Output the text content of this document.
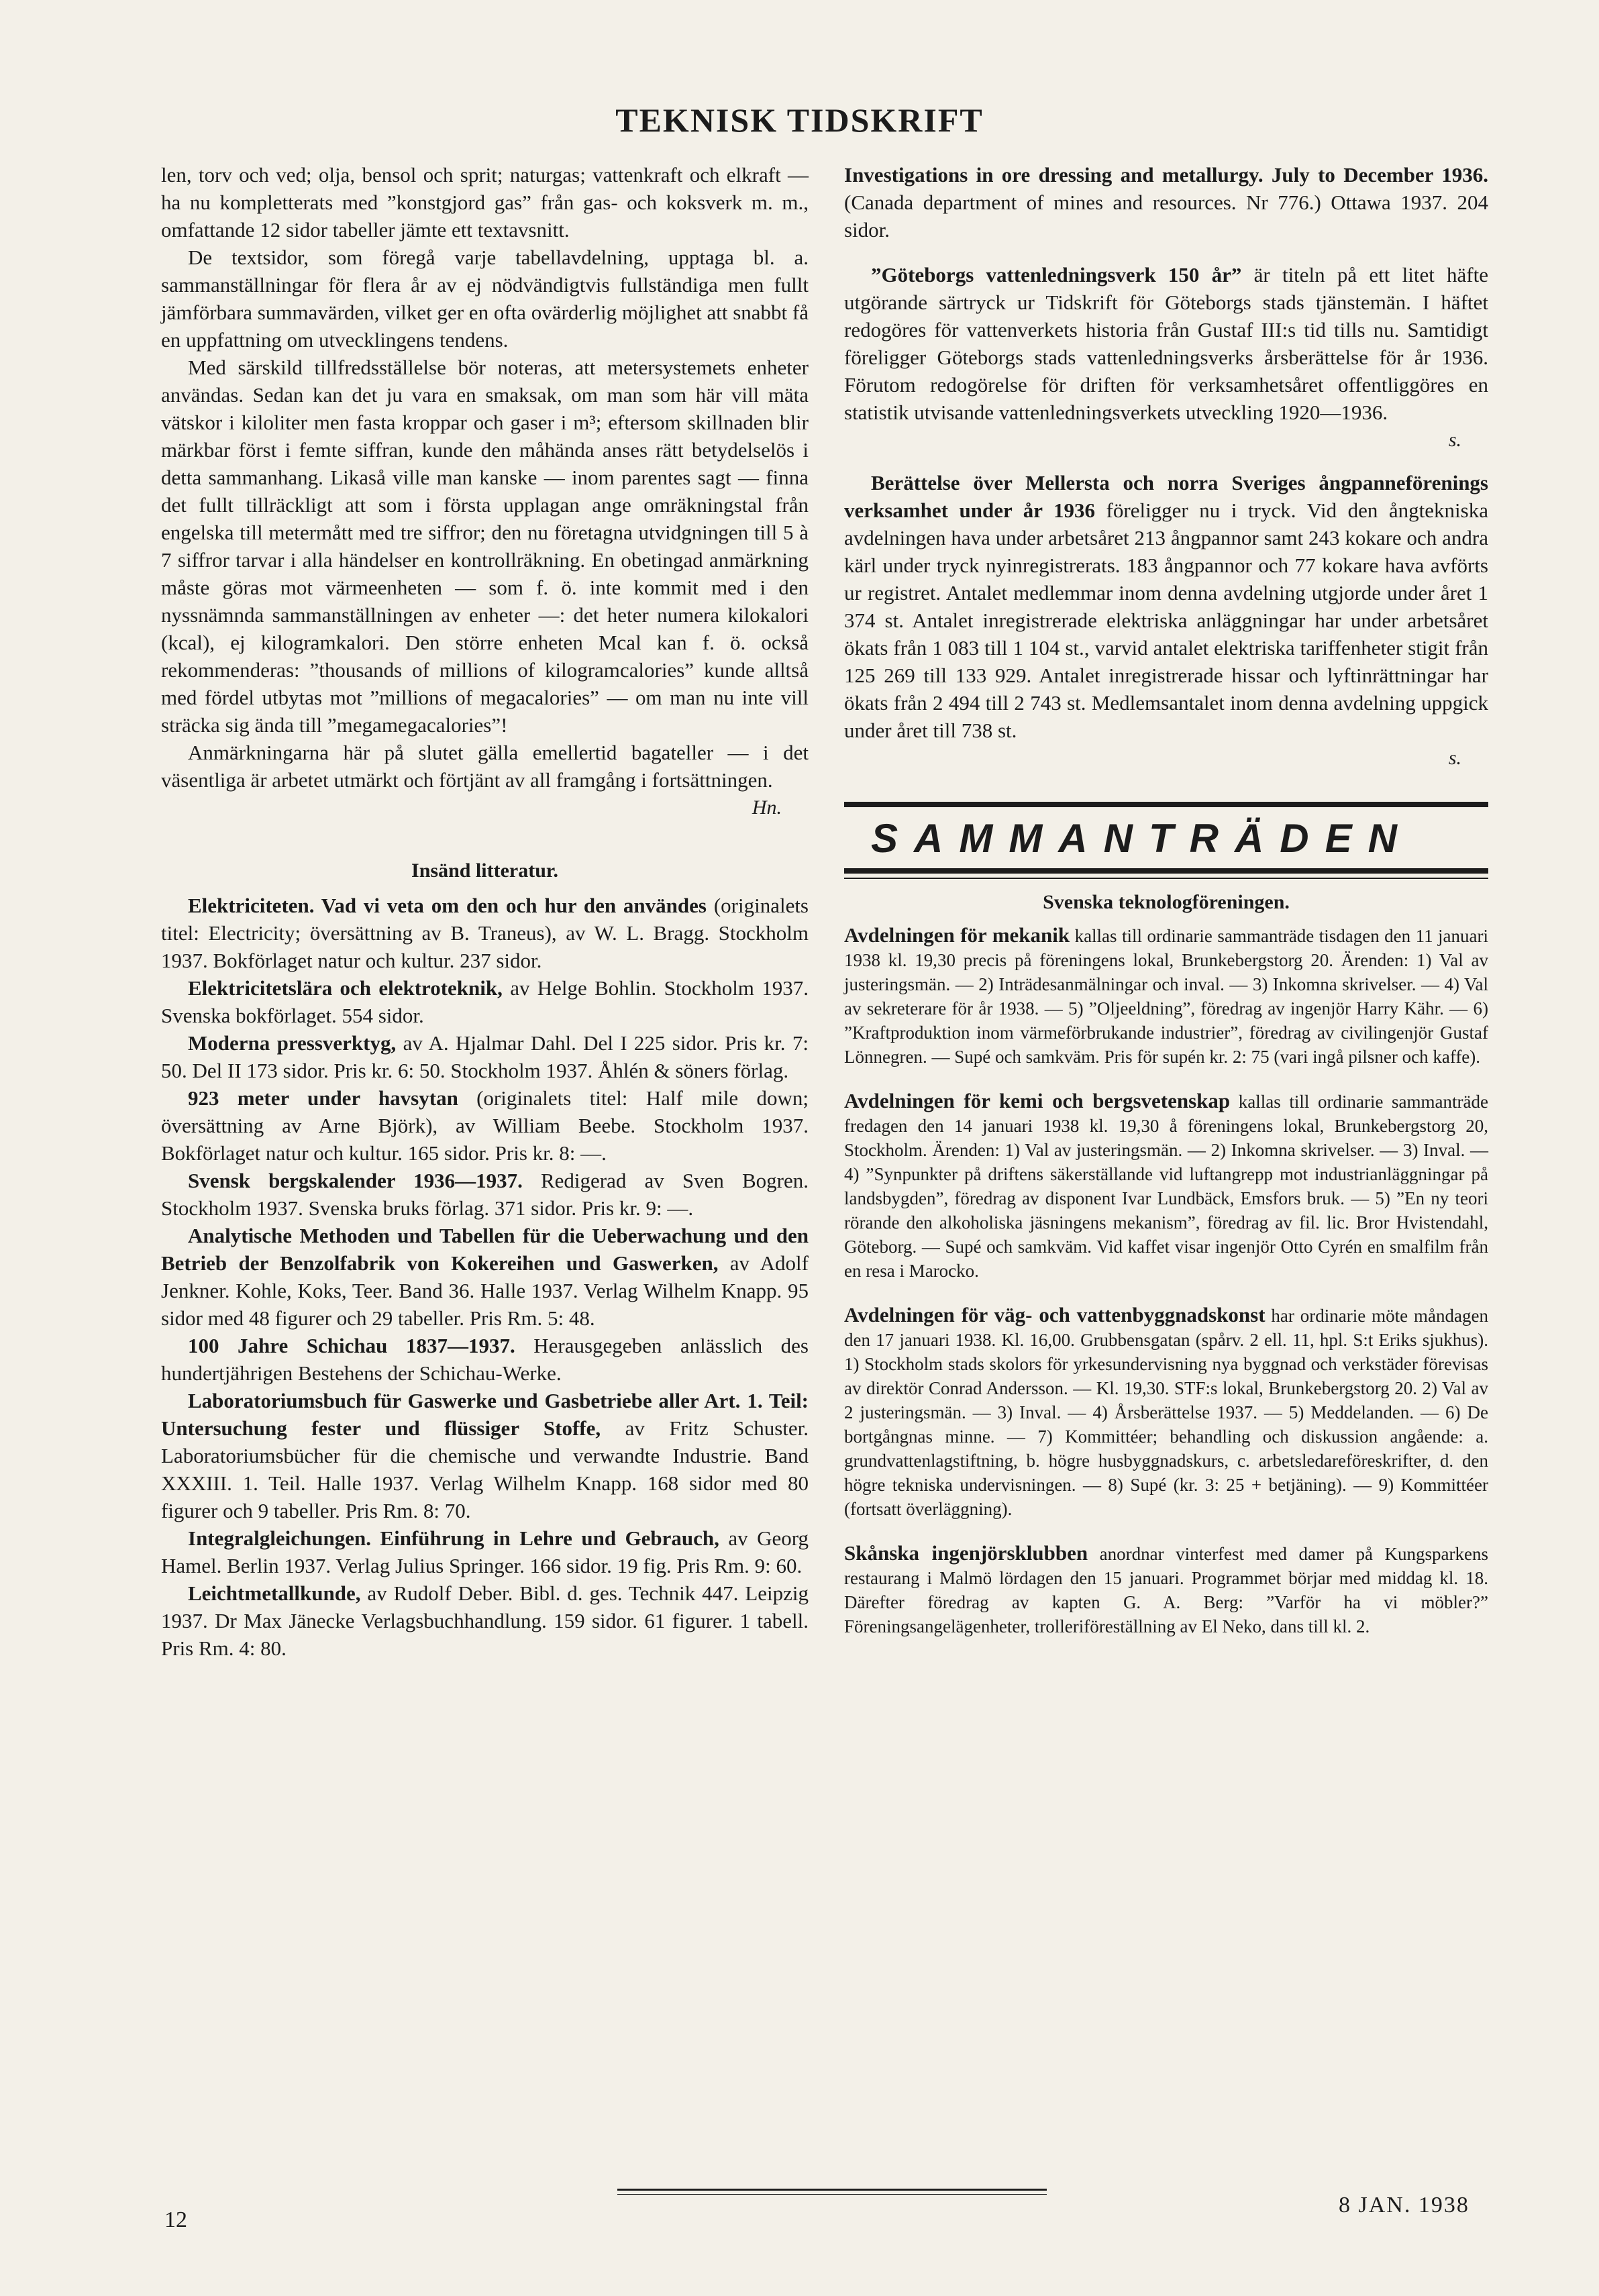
TEKNISK TIDSKRIFT

len, torv och ved; olja, bensol och sprit; naturgas; vattenkraft och elkraft — ha nu kompletterats med ”konstgjord gas” från gas- och koksverk m. m., omfattande 12 sidor tabeller jämte ett textavsnitt.

De textsidor, som föregå varje tabellavdelning, upptaga bl. a. sammanställningar för flera år av ej nödvändigtvis fullständiga men fullt jämförbara summavärden, vilket ger en ofta ovärderlig möjlighet att snabbt få en uppfattning om utvecklingens tendens.

Med särskild tillfredsställelse bör noteras, att metersystemets enheter användas. Sedan kan det ju vara en smaksak, om man som här vill mäta vätskor i kiloliter men fasta kroppar och gaser i m³; eftersom skillnaden blir märkbar först i femte siffran, kunde den måhända anses rätt betydelselös i detta sammanhang. Likaså ville man kanske — inom parentes sagt — finna det fullt tillräckligt att som i första upplagan ange omräkningstal från engelska till metermått med tre siffror; den nu företagna utvidgningen till 5 à 7 siffror tarvar i alla händelser en kontrollräkning. En obetingad anmärkning måste göras mot värmeenheten — som f. ö. inte kommit med i den nyssnämnda sammanställningen av enheter —: det heter numera kilokalori (kcal), ej kilogramkalori. Den större enheten Mcal kan f. ö. också rekommenderas: ”thousands of millions of kilogramcalories” kunde alltså med fördel utbytas mot ”millions of megacalories” — om man nu inte vill sträcka sig ända till ”megamegacalories”!

Anmärkningarna här på slutet gälla emellertid bagateller — i det väsentliga är arbetet utmärkt och förtjänt av all framgång i fortsättningen.

Hn.

Insänd litteratur.

Elektriciteten. Vad vi veta om den och hur den användes (originalets titel: Electricity; översättning av B. Traneus), av W. L. Bragg. Stockholm 1937. Bokförlaget natur och kultur. 237 sidor.

Elektricitetslära och elektroteknik, av Helge Bohlin. Stockholm 1937. Svenska bokförlaget. 554 sidor.

Moderna pressverktyg, av A. Hjalmar Dahl. Del I 225 sidor. Pris kr. 7: 50. Del II 173 sidor. Pris kr. 6: 50. Stockholm 1937. Åhlén & söners förlag.

923 meter under havsytan (originalets titel: Half mile down; översättning av Arne Björk), av William Beebe. Stockholm 1937. Bokförlaget natur och kultur. 165 sidor. Pris kr. 8: —.

Svensk bergskalender 1936—1937. Redigerad av Sven Bogren. Stockholm 1937. Svenska bruks förlag. 371 sidor. Pris kr. 9: —.

Analytische Methoden und Tabellen für die Ueberwachung und den Betrieb der Benzolfabrik von Kokereihen und Gaswerken, av Adolf Jenkner. Kohle, Koks, Teer. Band 36. Halle 1937. Verlag Wilhelm Knapp. 95 sidor med 48 figurer och 29 tabeller. Pris Rm. 5: 48.

100 Jahre Schichau 1837—1937. Herausgegeben anlässlich des hundertjährigen Bestehens der Schichau-Werke.

Laboratoriumsbuch für Gaswerke und Gasbetriebe aller Art. 1. Teil: Untersuchung fester und flüssiger Stoffe, av Fritz Schuster. Laboratoriumsbücher für die chemische und verwandte Industrie. Band XXXIII. 1. Teil. Halle 1937. Verlag Wilhelm Knapp. 168 sidor med 80 figurer och 9 tabeller. Pris Rm. 8: 70.

Integralgleichungen. Einführung in Lehre und Gebrauch, av Georg Hamel. Berlin 1937. Verlag Julius Springer. 166 sidor. 19 fig. Pris Rm. 9: 60.

Leichtmetallkunde, av Rudolf Deber. Bibl. d. ges. Technik 447. Leipzig 1937. Dr Max Jänecke Verlagsbuchhandlung. 159 sidor. 61 figurer. 1 tabell. Pris Rm. 4: 80.

Investigations in ore dressing and metallurgy. July to December 1936. (Canada department of mines and resources. Nr 776.) Ottawa 1937. 204 sidor.

”Göteborgs vattenledningsverk 150 år” är titeln på ett litet häfte utgörande särtryck ur Tidskrift för Göteborgs stads tjänstemän. I häftet redogöres för vattenverkets historia från Gustaf III:s tid tills nu. Samtidigt föreligger Göteborgs stads vattenledningsverks årsberättelse för år 1936. Förutom redogörelse för driften för verksamhetsåret offentliggöres en statistik utvisande vattenledningsverkets utveckling 1920—1936.

s.

Berättelse över Mellersta och norra Sveriges ångpanneförenings verksamhet under år 1936 föreligger nu i tryck. Vid den ångtekniska avdelningen hava under arbetsåret 213 ångpannor samt 243 kokare och andra kärl under tryck nyinregistrerats. 183 ångpannor och 77 kokare hava avförts ur registret. Antalet medlemmar inom denna avdelning utgjorde under året 1 374 st. Antalet inregistrerade elektriska anläggningar har under arbetsåret ökats från 1 083 till 1 104 st., varvid antalet elektriska tariffenheter stigit från 125 269 till 133 929. Antalet inregistrerade hissar och lyftinrättningar har ökats från 2 494 till 2 743 st. Medlemsantalet inom denna avdelning uppgick under året till 738 st.

s.

SAMMANTRÄDEN

Svenska teknologföreningen.

Avdelningen för mekanik kallas till ordinarie sammanträde tisdagen den 11 januari 1938 kl. 19,30 precis på föreningens lokal, Brunkebergstorg 20. Ärenden: 1) Val av justeringsmän. — 2) Inträdesanmälningar och inval. — 3) Inkomna skrivelser. — 4) Val av sekreterare för år 1938. — 5) ”Oljeeldning”, föredrag av ingenjör Harry Kähr. — 6) ”Kraftproduktion inom värmeförbrukande industrier”, föredrag av civilingenjör Gustaf Lönnegren. — Supé och samkväm. Pris för supén kr. 2: 75 (vari ingå pilsner och kaffe).

Avdelningen för kemi och bergsvetenskap kallas till ordinarie sammanträde fredagen den 14 januari 1938 kl. 19,30 å föreningens lokal, Brunkebergstorg 20, Stockholm. Ärenden: 1) Val av justeringsmän. — 2) Inkomna skrivelser. — 3) Inval. — 4) ”Synpunkter på driftens säkerställande vid luftangrepp mot industrianläggningar på landsbygden”, föredrag av disponent Ivar Lundbäck, Emsfors bruk. — 5) ”En ny teori rörande den alkoholiska jäsningens mekanism”, föredrag av fil. lic. Bror Hvistendahl, Göteborg. — Supé och samkväm. Vid kaffet visar ingenjör Otto Cyrén en smalfilm från en resa i Marocko.

Avdelningen för väg- och vattenbyggnadskonst har ordinarie möte måndagen den 17 januari 1938. Kl. 16,00. Grubbensgatan (spårv. 2 ell. 11, hpl. S:t Eriks sjukhus). 1) Stockholm stads skolors för yrkesundervisning nya byggnad och verkstäder förevisas av direktör Conrad Andersson. — Kl. 19,30. STF:s lokal, Brunkebergstorg 20. 2) Val av 2 justeringsmän. — 3) Inval. — 4) Årsberättelse 1937. — 5) Meddelanden. — 6) De bortgångnas minne. — 7) Kommittéer; behandling och diskussion angående: a. grundvattenlagstiftning, b. högre husbyggnadskurs, c. arbetsledareföreskrifter, d. den högre tekniska undervisningen. — 8) Supé (kr. 3: 25 + betjäning). — 9) Kommittéer (fortsatt överläggning).

Skånska ingenjörsklubben anordnar vinterfest med damer på Kungsparkens restaurang i Malmö lördagen den 15 januari. Programmet börjar med middag kl. 18. Därefter föredrag av kapten G. A. Berg: ”Varför ha vi möbler?” Föreningsangelägenheter, trolleriföreställning av El Neko, dans till kl. 2.

12
8 JAN. 1938
